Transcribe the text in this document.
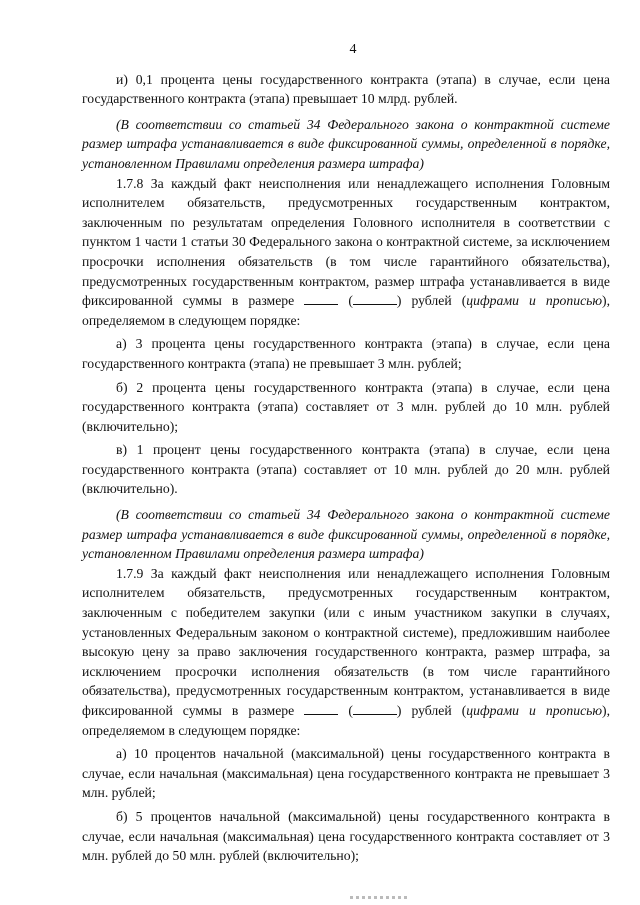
4

и) 0,1 процента цены государственного контракта (этапа) в случае, если цена государственного контракта (этапа) превышает 10 млрд. рублей.

(В соответствии со статьей 34 Федерального закона о контрактной системе размер штрафа устанавливается в виде фиксированной суммы, определенной в порядке, установленном Правилами определения размера штрафа)

1.7.8 За каждый факт неисполнения или ненадлежащего исполнения Головным исполнителем обязательств, предусмотренных государственным контрактом, заключенным по результатам определения Головного исполнителя в соответствии с пунктом 1 части 1 статьи 30 Федерального закона о контрактной системе, за исключением просрочки исполнения обязательств (в том числе гарантийного обязательства), предусмотренных государственным контрактом, размер штрафа устанавливается в виде фиксированной суммы в размере	(	) рублей (цифрами и прописью), определяемом в следующем порядке:

а) 3 процента цены государственного контракта (этапа) в случае, если цена государственного контракта (этапа) не превышает 3 млн. рублей;

б) 2 процента цены государственного контракта (этапа) в случае, если цена государственного контракта (этапа) составляет от 3 млн. рублей до 10 млн. рублей (включительно);

в) 1 процент цены государственного контракта (этапа) в случае, если цена государственного контракта (этапа) составляет от 10 млн. рублей до 20 млн. рублей (включительно).

(В соответствии со статьей 34 Федерального закона о контрактной системе размер штрафа устанавливается в виде фиксированной суммы, определенной в порядке, установленном Правилами определения размера штрафа)

1.7.9 За каждый факт неисполнения или ненадлежащего исполнения Головным исполнителем обязательств, предусмотренных государственным контрактом, заключенным с победителем закупки (или с иным участником закупки в случаях, установленных Федеральным законом о контрактной системе), предложившим наиболее высокую цену за право заключения государственного контракта, размер штрафа, за исключением просрочки исполнения обязательств (в том числе гарантийного обязательства), предусмотренных государственным контрактом, устанавливается в виде фиксированной суммы в размере	(	) рублей (цифрами и прописью), определяемом в следующем порядке:

а) 10 процентов начальной (максимальной) цены государственного контракта в случае, если начальная (максимальная) цена государственного контракта не превышает 3 млн. рублей;

б) 5 процентов начальной (максимальной) цены государственного контракта в случае, если начальная (максимальная) цена государственного контракта составляет от 3 млн. рублей до 50 млн. рублей (включительно);
